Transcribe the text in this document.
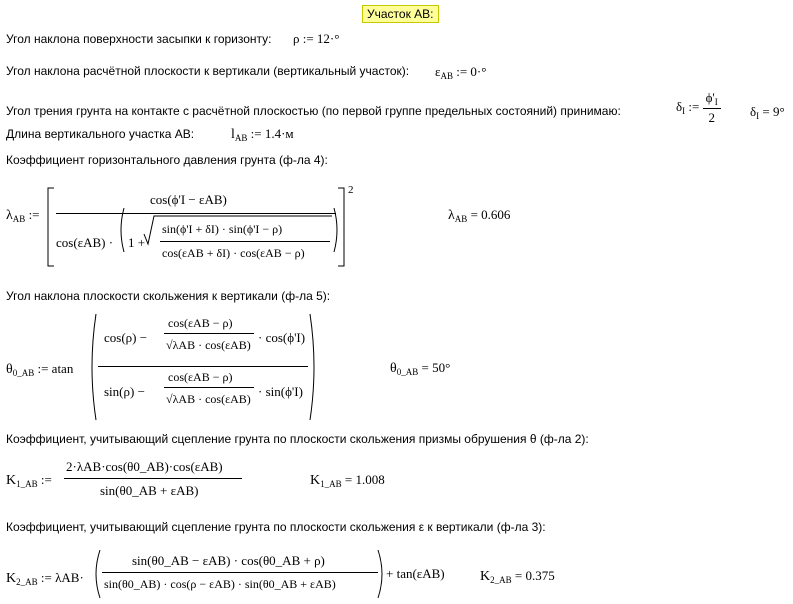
Участок АВ:
Угол наклона поверхности засыпки к горизонту: ρ := 12·°
Угол наклона расчётной плоскости к вертикали (вертикальный участок): $\varepsilon_{AB}$ := 0·°
Угол трения грунта на контакте с расчётной плоскостью (по первой группе предельных состояний) принимаю:	$\delta_I$ := $\frac{\phi'_I}{2} \delta_I = 9^\circ$
Длина вертикального участка АВ:	$l_{AB}$ := 1.4·м
Коэффициент горизонтального давления грунта (ф-ла 4):
$\lambda_{AB}$ :=
cos(ϕ'I − εAB)
cos(εAB) · 1 +
sin(ϕ'I + δI) · sin(ϕ'I − ρ)
cos(εAB + δI) · cos(εAB − ρ)
2
$\lambda_{AB} = 0.606$
Угол наклона плоскости скольжения к вертикали (ф-ла 5):
$\theta_{0\_AB}$ := atan
cos(ρ) −
cos(εAB − ρ)
√λAB · cos(εAB) · cos(ϕ'I)
sin(ρ) −
cos(εAB − ρ)
√λAB · cos(εAB) · sin(ϕ'I)
$\theta_{0\_AB} = 50^\circ$
Коэффициент, учитывающий сцепление грунта по плоскости скольжения призмы обрушения θ (ф-ла 2):
$K_{1\_AB}$ :=
2·λAB·cos(θ0_AB)·cos(εAB)
sin(θ0_AB + εAB)
$K_{1\_AB} = 1.008$
Коэффициент, учитывающий сцепление грунта по плоскости скольжения ε к вертикали (ф-ла 3):
$K_{2\_AB}$ := λAB·
sin(θ0_AB − εAB) · cos(θ0_AB + ρ)
sin(θ0_AB) · cos(ρ − εAB) · sin(θ0_AB + εAB)
+ tan(εAB)	$K_{2\_AB} = 0.375$
